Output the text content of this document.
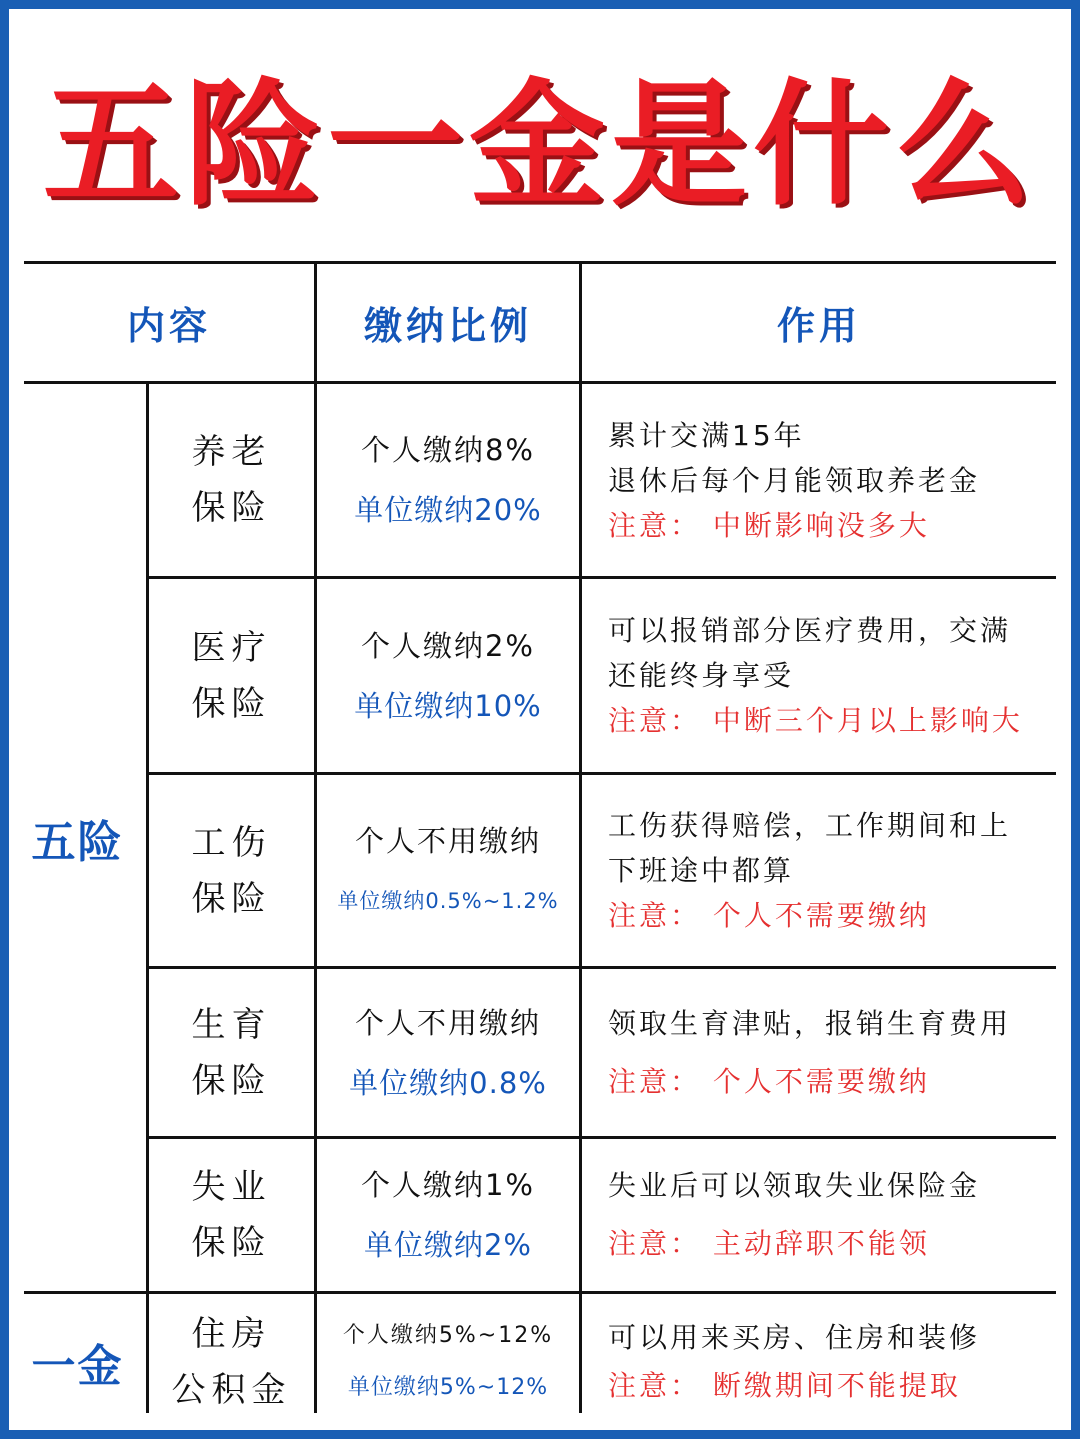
五险一金是什么
内容	缴纳比例	作用
五险
一金
养老
保险
个人缴纳8%
单位缴纳20%
累计交满15年
退休后每个月能领取养老金
注意： 中断影响没多大
医疗
保险
个人缴纳2%
单位缴纳10%
可以报销部分医疗费用，交满
还能终身享受
注意： 中断三个月以上影响大
工伤
保险
个人不用缴纳
单位缴纳0.5%~1.2%
工伤获得赔偿，工作期间和上
下班途中都算
注意： 个人不需要缴纳
生育
保险
个人不用缴纳
单位缴纳0.8%
领取生育津贴，报销生育费用
注意： 个人不需要缴纳
失业
保险
个人缴纳1%
单位缴纳2%
失业后可以领取失业保险金
注意： 主动辞职不能领
住房
公积金
个人缴纳5%~12%
单位缴纳5%~12%
可以用来买房、住房和装修
注意： 断缴期间不能提取
